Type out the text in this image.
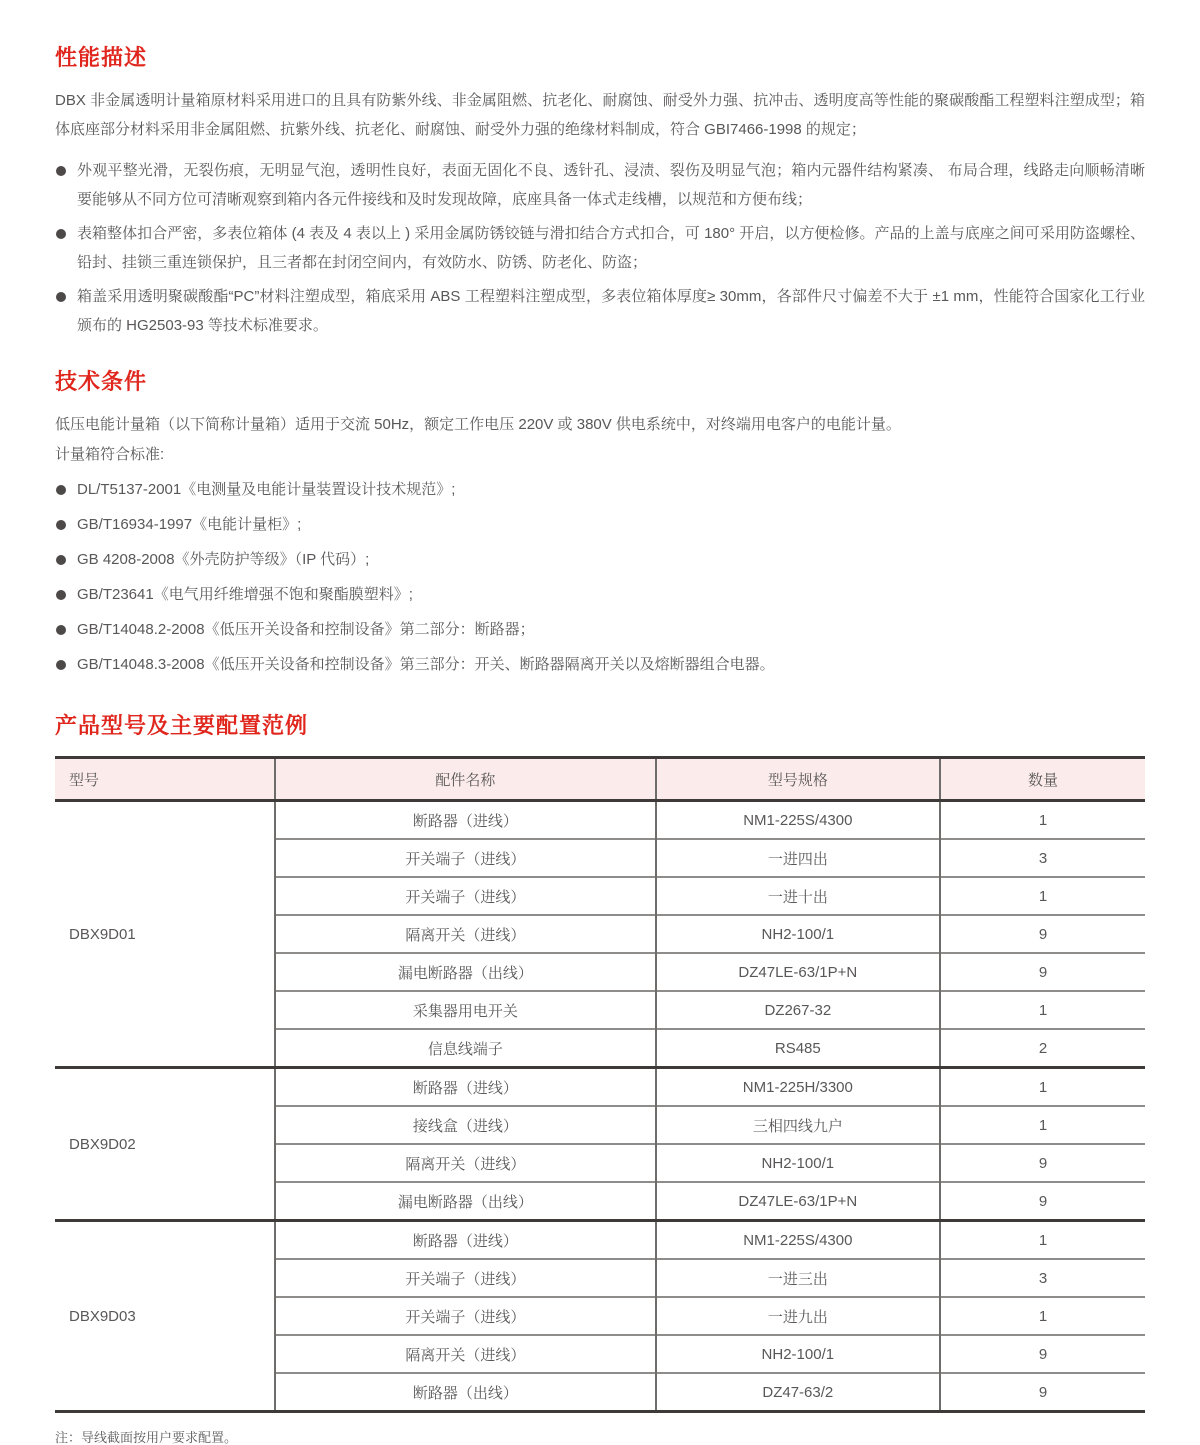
性能描述

DBX 非金属透明计量箱原材料采用进口的且具有防紫外线、非金属阻燃、抗老化、耐腐蚀、耐受外力强、抗冲击、透明度高等性能的聚碳酸酯工程塑料注塑成型；箱体底座部分材料采用非金属阻燃、抗紫外线、抗老化、耐腐蚀、耐受外力强的绝缘材料制成，符合 GBI7466-1998 的规定；

外观平整光滑，无裂伤痕，无明显气泡，透明性良好，表面无固化不良、透针孔、浸渍、裂伤及明显气泡；箱内元器件结构紧凑、 布局合理，线路走向顺畅清晰要能够从不同方位可清晰观察到箱内各元件接线和及时发现故障，底座具备一体式走线槽，以规范和方便布线；
表箱整体扣合严密，多表位箱体 (4 表及 4 表以上 ) 采用金属防锈铰链与滑扣结合方式扣合，可 180° 开启，以方便检修。产品的上盖与底座之间可采用防盗螺栓、铅封、挂锁三重连锁保护，且三者都在封闭空间内，有效防水、防锈、防老化、防盗；
箱盖采用透明聚碳酸酯“PC”材料注塑成型，箱底采用 ABS 工程塑料注塑成型，多表位箱体厚度≥ 30mm，各部件尺寸偏差不大于 ±1 mm，性能符合国家化工行业颁布的 HG2503-93 等技术标准要求。
技术条件

低压电能计量箱（以下简称计量箱）适用于交流 50Hz，额定工作电压 220V 或 380V 供电系统中，对终端用电客户的电能计量。

计量箱符合标准:

DL/T5137-2001《电测量及电能计量装置设计技术规范》;
GB/T16934-1997《电能计量柜》;
GB 4208-2008《外壳防护等级》（IP 代码）;
GB/T23641《电气用纤维增强不饱和聚酯膜塑料》;
GB/T14048.2-2008《低压开关设备和控制设备》第二部分：断路器；
GB/T14048.3-2008《低压开关设备和控制设备》第三部分：开关、断路器隔离开关以及熔断器组合电器。
产品型号及主要配置范例
型号	配件名称	型号规格	数量
DBX9D01	断路器（进线）	NM1-225S/4300	1
	开关端子（进线）	一进四出	3
	开关端子（进线）	一进十出	1
	隔离开关（进线）	NH2-100/1	9
	漏电断路器（出线）	DZ47LE-63/1P+N	9
	采集器用电开关	DZ267-32	1
	信息线端子	RS485	2
DBX9D02	断路器（进线）	NM1-225H/3300	1
	接线盒（进线）	三相四线九户	1
	隔离开关（进线）	NH2-100/1	9
	漏电断路器（出线）	DZ47LE-63/1P+N	9
DBX9D03	断路器（进线）	NM1-225S/4300	1
	开关端子（进线）	一进三出	3
	开关端子（进线）	一进九出	1
	隔离开关（进线）	NH2-100/1	9
	断路器（出线）	DZ47-63/2	9

注：导线截面按用户要求配置。
